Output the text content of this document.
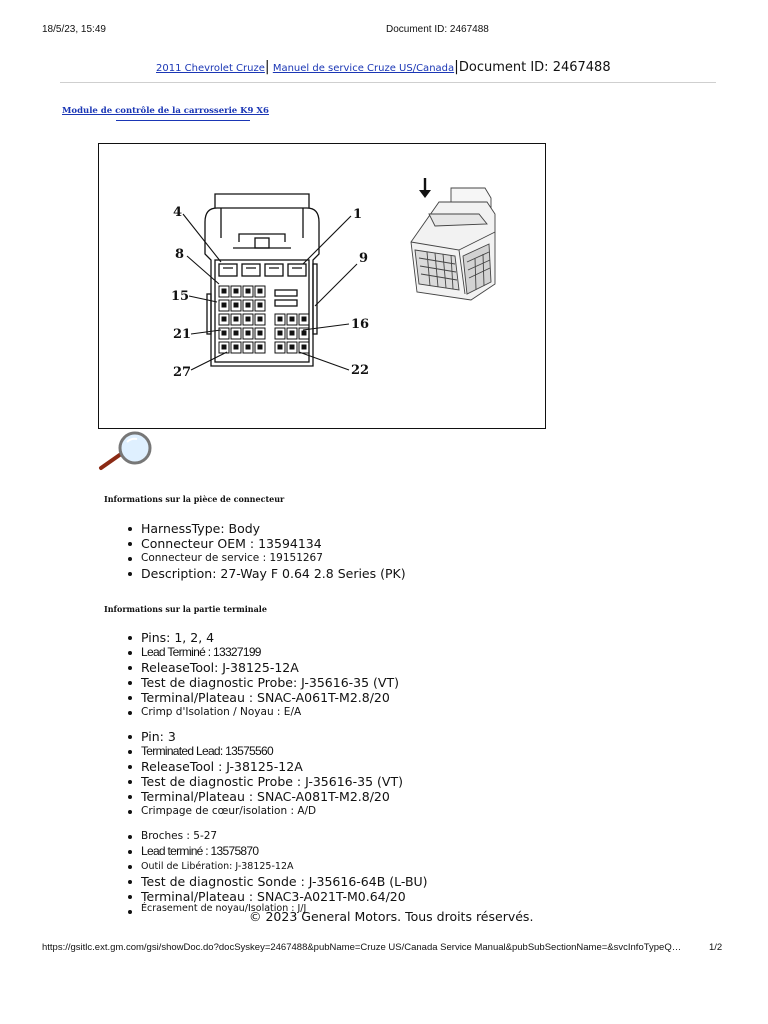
18/5/23, 15:49	Document ID: 2467488
2011 Chevrolet Cruze| Manuel de service Cruze US/Canada|Document ID: 2467488
Module de contrôle de la carrosserie K9 X6
4	1
8	9
15
16
21
27	22
Informations sur la pièce de connecteur
HarnessType: Body
Connecteur OEM : 13594134
Connecteur de service : 19151267
Description: 27-Way F 0.64 2.8 Series (PK)
Informations sur la partie terminale
Pins: 1, 2, 4
Lead Terminé : 13327199
ReleaseTool: J-38125-12A
Test de diagnostic Probe: J-35616-35 (VT)
Terminal/Plateau : SNAC-A061T-M2.8/20
Crimp d'Isolation / Noyau : E/A
Pin: 3
Terminated Lead: 13575560
ReleaseTool : J-38125-12A
Test de diagnostic Probe : J-35616-35 (VT)
Terminal/Plateau : SNAC-A081T-M2.8/20
Crimpage de cœur/isolation : A/D
Broches : 5-27
Lead terminé : 13575870
Outil de Libération: J-38125-12A
Test de diagnostic Sonde : J-35616-64B (L-BU)
Terminal/Plateau : SNAC3-A021T-M0.64/20
Écrasement de noyau/Isolation : J/J
© 2023 General Motors. Tous droits réservés.
https://gsitlc.ext.gm.com/gsi/showDoc.do?docSyskey=2467488&pubName=Cruze US/Canada Service Manual&pubSubSectionName=&svcInfoTypeQ…	1/2
